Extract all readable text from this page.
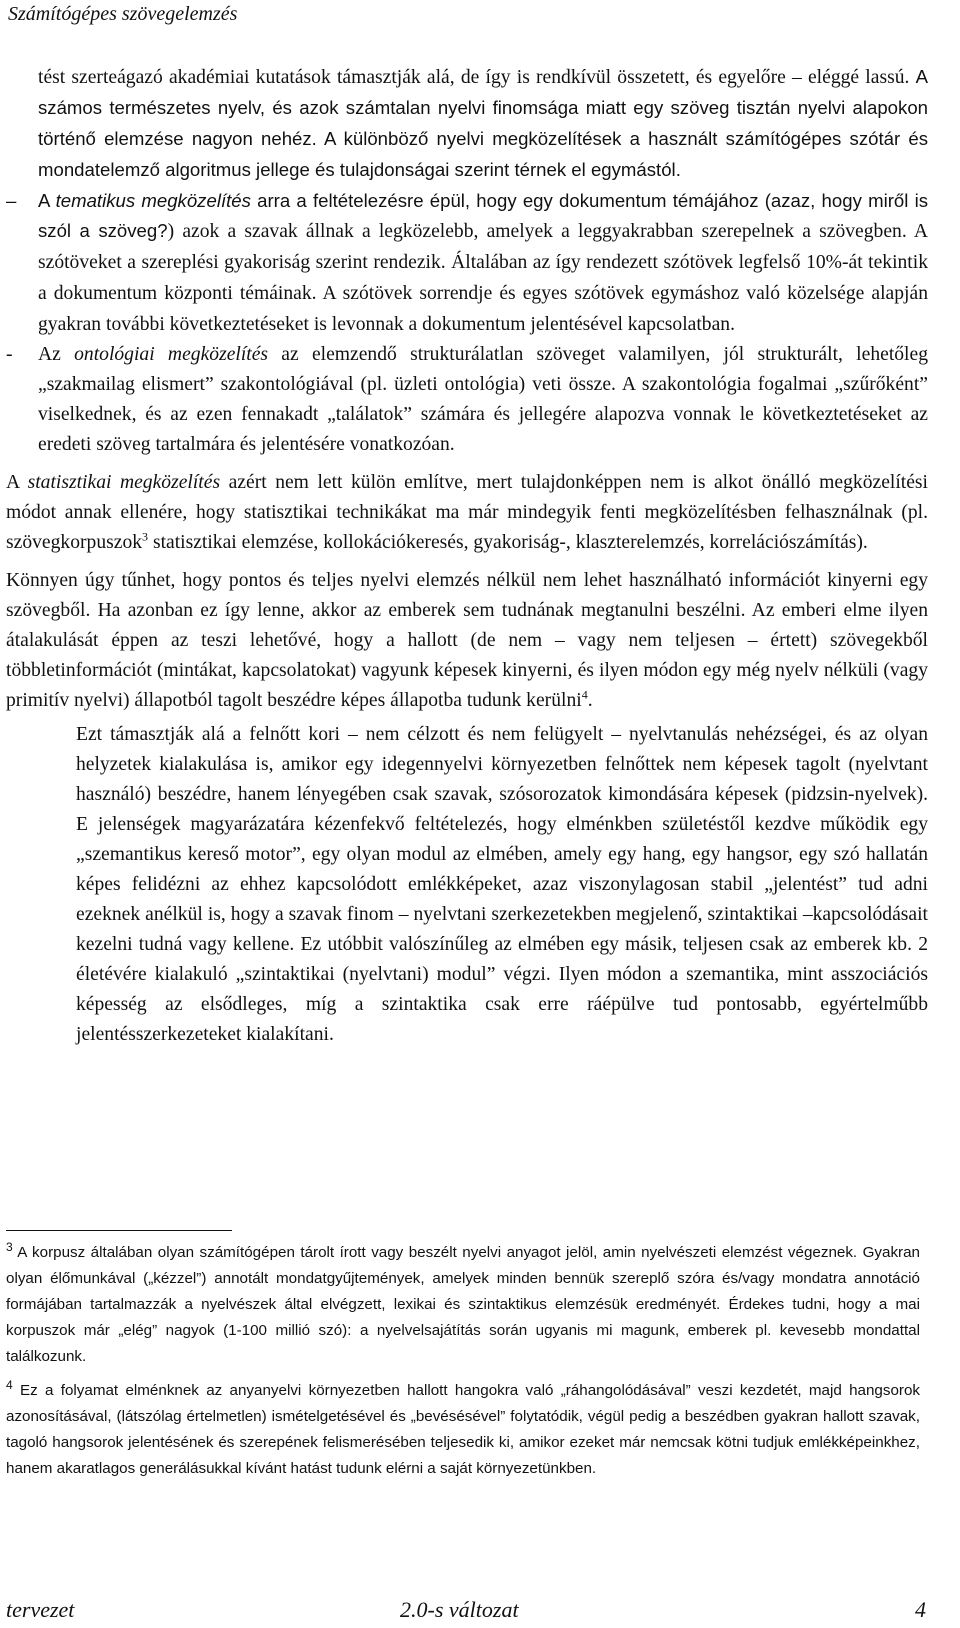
Számítógépes szövegelemzés

tést szerteágazó akadémiai kutatások támasztják alá, de így is rendkívül összetett, és egyelőre – eléggé lassú. A számos természetes nyelv, és azok számtalan nyelvi finomsága miatt egy szöveg tisztán nyelvi alapokon történő elemzése nagyon nehéz. A különböző nyelvi megközelítések a használt számítógépes szótár és mondatelemző algoritmus jellege és tulajdonságai szerint térnek el egymástól.

– A tematikus megközelítés arra a feltételezésre épül, hogy egy dokumentum témájához (azaz, hogy miről is szól a szöveg?) azok a szavak állnak a legközelebb, amelyek a leggyakrabban szerepelnek a szövegben. A szótöveket a szereplési gyakoriság szerint rendezik. Általában az így rendezett szótövek legfelső 10%-át tekintik a dokumentum központi témáinak. A szótövek sorrendje és egyes szótövek egymáshoz való közelsége alapján gyakran további következtetéseket is levonnak a dokumentum jelentésével kapcsolatban.

- Az ontológiai megközelítés az elemzendő strukturálatlan szöveget valamilyen, jól strukturált, lehetőleg „szakmailag elismert” szakontológiával (pl. üzleti ontológia) veti össze. A szakontológia fogalmai „szűrőként” viselkednek, és az ezen fennakadt „találatok” számára és jellegére alapozva vonnak le következtetéseket az eredeti szöveg tartalmára és jelentésére vonatkozóan.

A statisztikai megközelítés azért nem lett külön említve, mert tulajdonképpen nem is alkot önálló megközelítési módot annak ellenére, hogy statisztikai technikákat ma már mindegyik fenti megközelítésben felhasználnak (pl. szövegkorpuszok$^3$ statisztikai elemzése, kollokációkeresés, gyakoriság-, klaszterelemzés, korrelációszámítás).

Könnyen úgy tűnhet, hogy pontos és teljes nyelvi elemzés nélkül nem lehet használható információt kinyerni egy szövegből. Ha azonban ez így lenne, akkor az emberek sem tudnának megtanulni beszélni. Az emberi elme ilyen átalakulását éppen az teszi lehetővé, hogy a hallott (de nem – vagy nem teljesen – értett) szövegekből többletinformációt (mintákat, kapcsolatokat) vagyunk képesek kinyerni, és ilyen módon egy még nyelv nélküli (vagy primitív nyelvi) állapotból tagolt beszédre képes állapotba tudunk kerülni$^4$.

Ezt támasztják alá a felnőtt kori – nem célzott és nem felügyelt – nyelvtanulás nehézségei, és az olyan helyzetek kialakulása is, amikor egy idegennyelvi környezetben felnőttek nem képesek tagolt (nyelvtant használó) beszédre, hanem lényegében csak szavak, szósorozatok kimondására képesek (pidzsin-nyelvek). E jelenségek magyarázatára kézenfekvő feltételezés, hogy elménkben születéstől kezdve működik egy „szemantikus kereső motor”, egy olyan modul az elmében, amely egy hang, egy hangsor, egy szó hallatán képes felidézni az ehhez kapcsolódott emlékképeket, azaz viszonylagosan stabil „jelentést” tud adni ezeknek anélkül is, hogy a szavak finom – nyelvtani szerkezetekben megjelenő, szintaktikai –kapcsolódásait kezelni tudná vagy kellene. Ez utóbbit valószínűleg az elmében egy másik, teljesen csak az emberek kb. 2 életévére kialakuló „szintaktikai (nyelvtani) modul” végzi. Ilyen módon a szemantika, mint asszociációs képesség az elsődleges, míg a szintaktika csak erre ráépülve tud pontosabb, egyértelműbb jelentésszerkezeteket kialakítani.

$^3$ A korpusz általában olyan számítógépen tárolt írott vagy beszélt nyelvi anyagot jelöl, amin nyelvészeti elemzést végeznek. Gyakran olyan élőmunkával („kézzel”) annotált mondatgyűjtemények, amelyek minden bennük szereplő szóra és/vagy mondatra annotáció formájában tartalmazzák a nyelvészek által elvégzett, lexikai és szintaktikus elemzésük eredményét. Érdekes tudni, hogy a mai korpuszok már „elég” nagyok (1-100 millió szó): a nyelvelsajátítás során ugyanis mi magunk, emberek pl. kevesebb mondattal találkozunk.

$^4$ Ez a folyamat elménknek az anyanyelvi környezetben hallott hangokra való „ráhangolódásával” veszi kezdetét, majd hangsorok azonosításával, (látszólag értelmetlen) ismételgetésével és „bevésésével” folytatódik, végül pedig a beszédben gyakran hallott szavak, tagoló hangsorok jelentésének és szerepének felismerésében teljesedik ki, amikor ezeket már nemcsak kötni tudjuk emlékképeinkhez, hanem akaratlagos generálásukkal kívánt hatást tudunk elérni a saját környezetünkben.

tervezet	2.0-s változat	4
